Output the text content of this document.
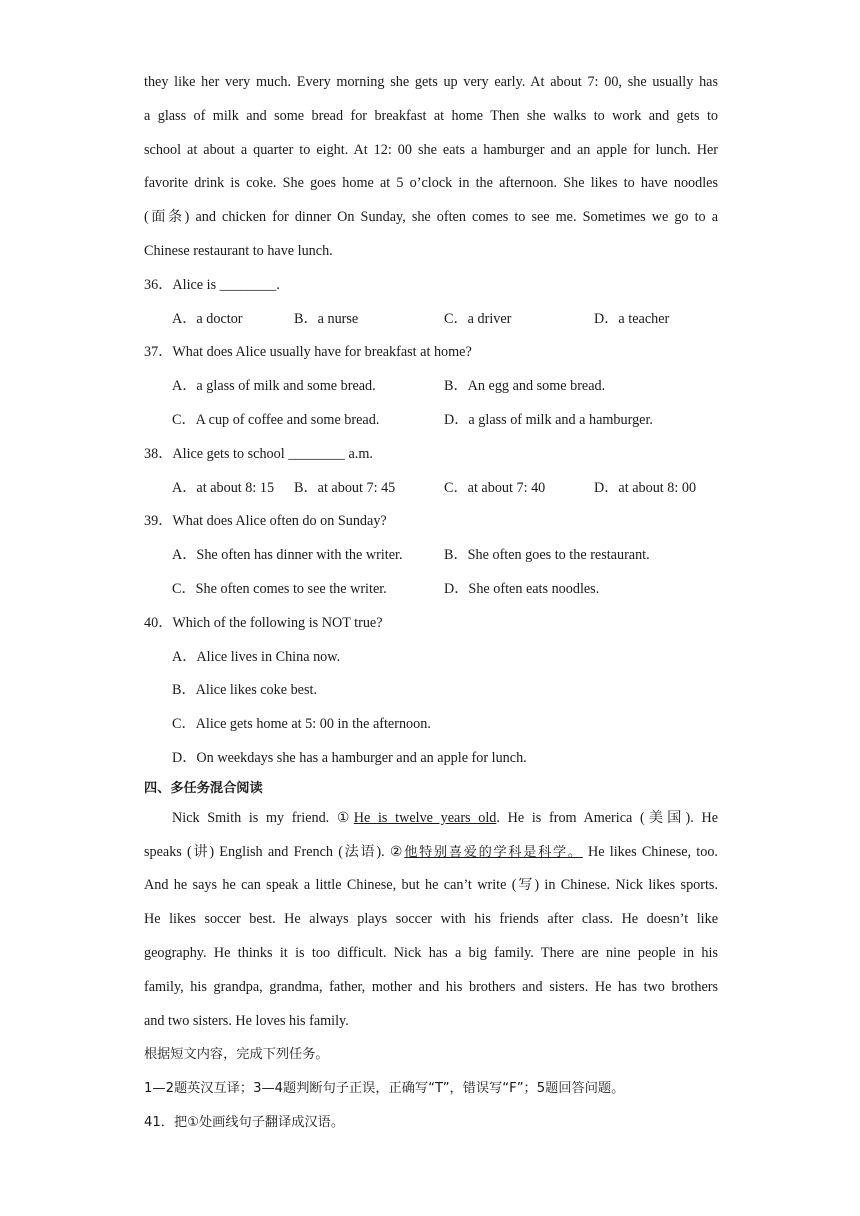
they like her very much. Every morning she gets up very early. At about 7: 00, she usually has
a glass of milk and some bread for breakfast at home Then she walks to work and gets to
school at about a quarter to eight. At 12: 00 she eats a hamburger and an apple for lunch. Her
favorite drink is coke. She goes home at 5 o’clock in the afternoon. She likes to have noodles
(面条) and chicken for dinner On Sunday, she often comes to see me. Sometimes we go to a
Chinese restaurant to have lunch.
36．Alice is ________.
A．a doctor	B．a nurse	C．a driver	D．a teacher
37．What does Alice usually have for breakfast at home?
A．a glass of milk and some bread.	B．An egg and some bread.
C．A cup of coffee and some bread.	D．a glass of milk and a hamburger.
38．Alice gets to school ________ a.m.
A．at about 8: 15 B．at about 7: 45	C．at about 7: 40	D．at about 8: 00
39．What does Alice often do on Sunday?
A．She often has dinner with the writer.	B．She often goes to the restaurant.
C．She often comes to see the writer.	D．She often eats noodles.
40．Which of the following is NOT true?
A．Alice lives in China now.
B．Alice likes coke best.
C．Alice gets home at 5: 00 in the afternoon.
D．On weekdays she has a hamburger and an apple for lunch.
四、多任务混合阅读
Nick Smith is my friend. ①He is twelve years old. He is from America (美国). He
speaks (讲) English and French (法语). ②他特别喜爱的学科是科学。 He likes Chinese, too.
And he says he can speak a little Chinese, but he can’t write (写) in Chinese. Nick likes sports.
He likes soccer best. He always plays soccer with his friends after class. He doesn’t like
geography. He thinks it is too difficult. Nick has a big family. There are nine people in his
family, his grandpa, grandma, father, mother and his brothers and sisters. He has two brothers
and two sisters. He loves his family.
根据短文内容，完成下列任务。
1—2题英汉互译；3—4题判断句子正误，正确写“T”，错误写“F”；5题回答问题。
41．把①处画线句子翻译成汉语。
